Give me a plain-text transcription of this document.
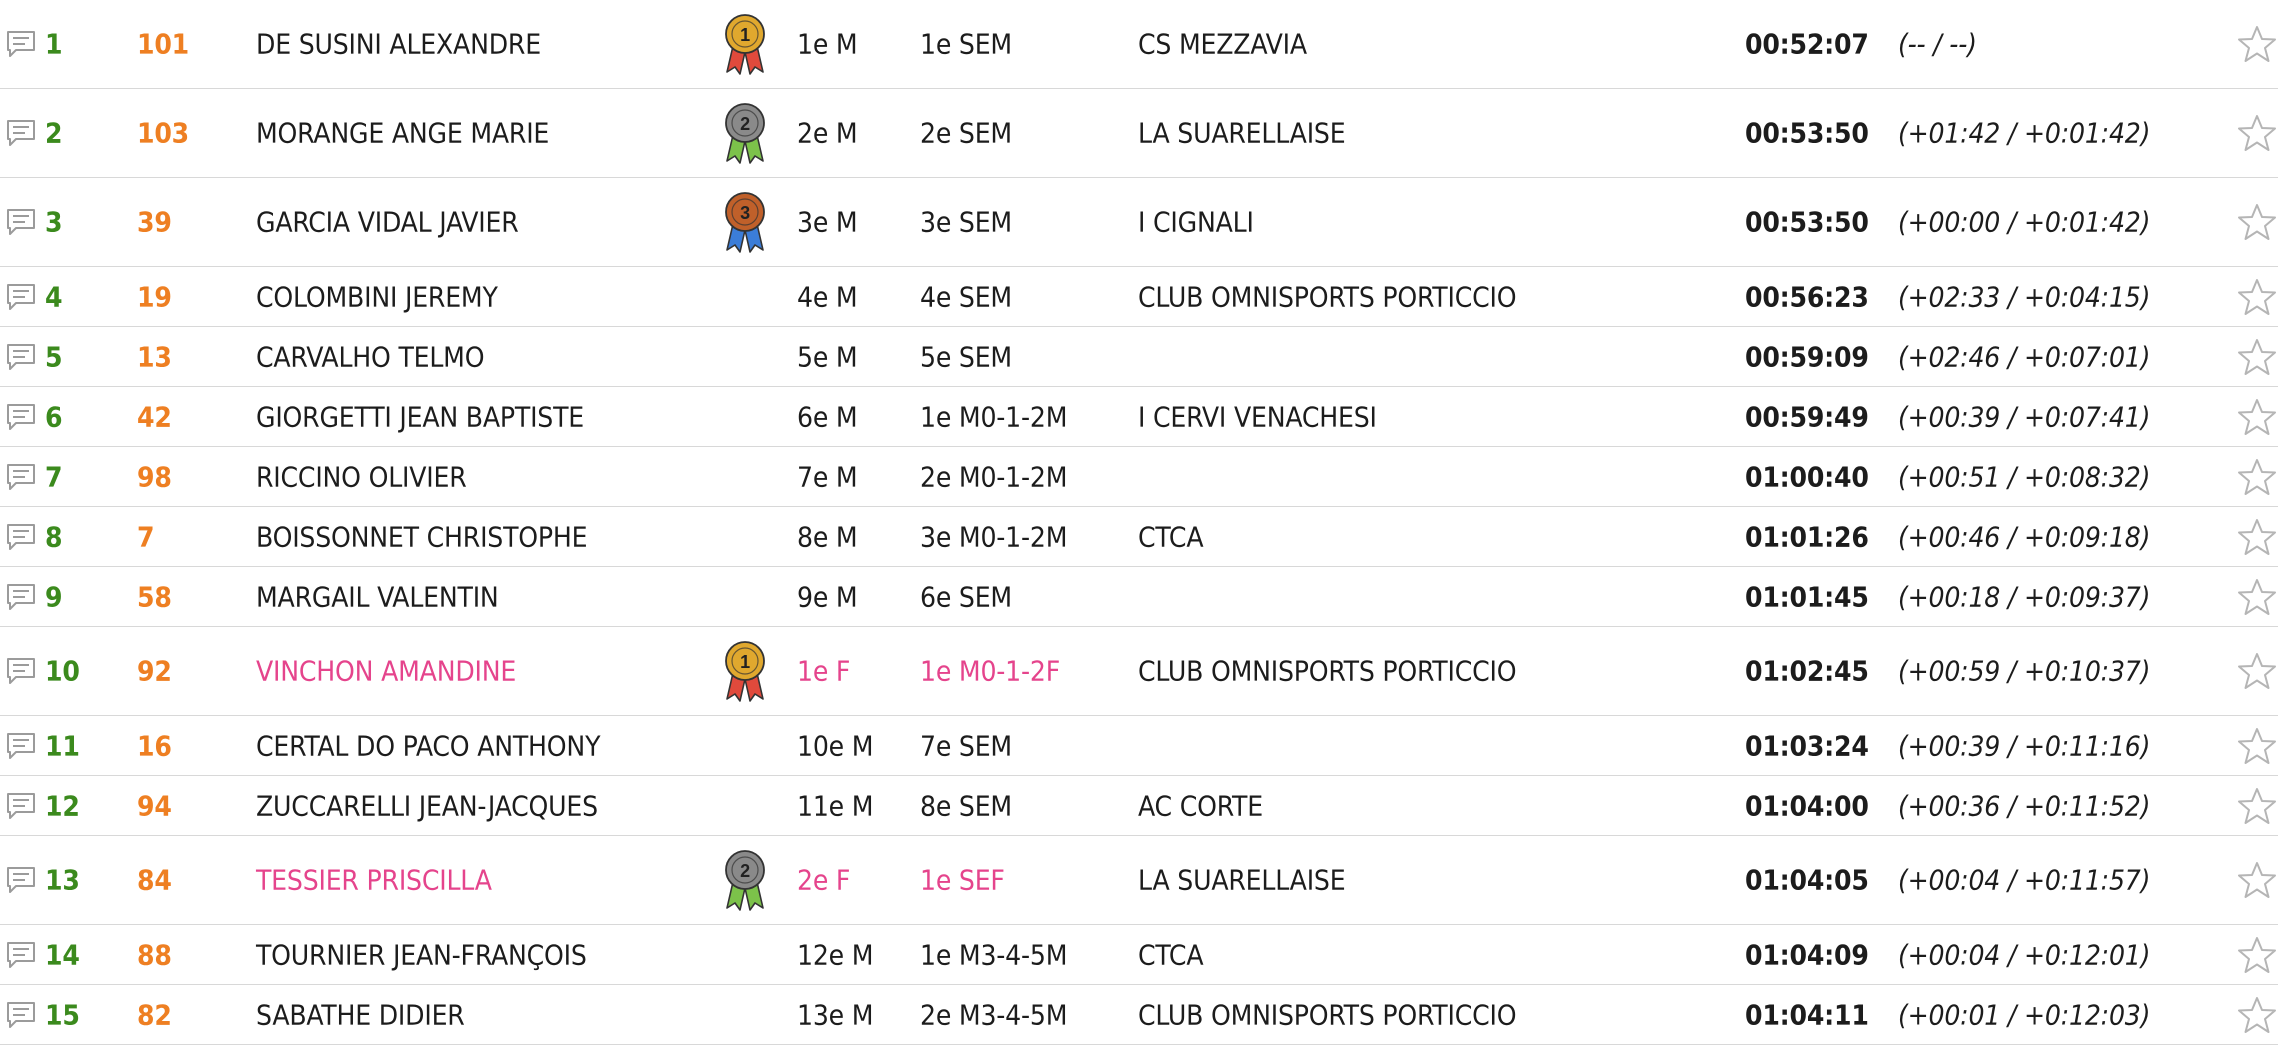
1	101 DE SUSINI ALEXANDRE	1 1e M 1e SEM	CS MEZZAVIA	00:52:07 (-- / --)
2	103 MORANGE ANGE MARIE	2 2e M 2e SEM	LA SUARELLAISE	00:53:50 (+01:42 / +0:01:42)
3	39	GARCIA VIDAL JAVIER	3 3e M 3e SEM	I CIGNALI	00:53:50 (+00:00 / +0:01:42)
4	19	COLOMBINI JEREMY	4e M 4e SEM	CLUB OMNISPORTS PORTICCIO	00:56:23 (+02:33 / +0:04:15)
5	13	CARVALHO TELMO	5e M 5e SEM	00:59:09 (+02:46 / +0:07:01)
6	42	GIORGETTI JEAN BAPTISTE	6e M 1e M0-1-2M	I CERVI VENACHESI	00:59:49 (+00:39 / +0:07:41)
7	98	RICCINO OLIVIER	7e M 2e M0-1-2M	01:00:40 (+00:51 / +0:08:32)
8	7	BOISSONNET CHRISTOPHE	8e M 3e M0-1-2M	CTCA	01:01:26 (+00:46 / +0:09:18)
9	58	MARGAIL VALENTIN	9e M 6e SEM	01:01:45 (+00:18 / +0:09:37)
10 92	VINCHON AMANDINE	1 1e F 1e M0-1-2F	CLUB OMNISPORTS PORTICCIO	01:02:45 (+00:59 / +0:10:37)
11 16	CERTAL DO PACO ANTHONY	10e M 7e SEM	01:03:24 (+00:39 / +0:11:16)
12 94	ZUCCARELLI JEAN-JACQUES	11e M 8e SEM	AC CORTE	01:04:00 (+00:36 / +0:11:52)
13 84	TESSIER PRISCILLA	2 2e F 1e SEF	LA SUARELLAISE	01:04:05 (+00:04 / +0:11:57)
14 88	TOURNIER JEAN-FRANÇOIS	12e M 1e M3-4-5M	CTCA	01:04:09 (+00:04 / +0:12:01)
15 82	SABATHE DIDIER	13e M 2e M3-4-5M	CLUB OMNISPORTS PORTICCIO	01:04:11 (+00:01 / +0:12:03)
